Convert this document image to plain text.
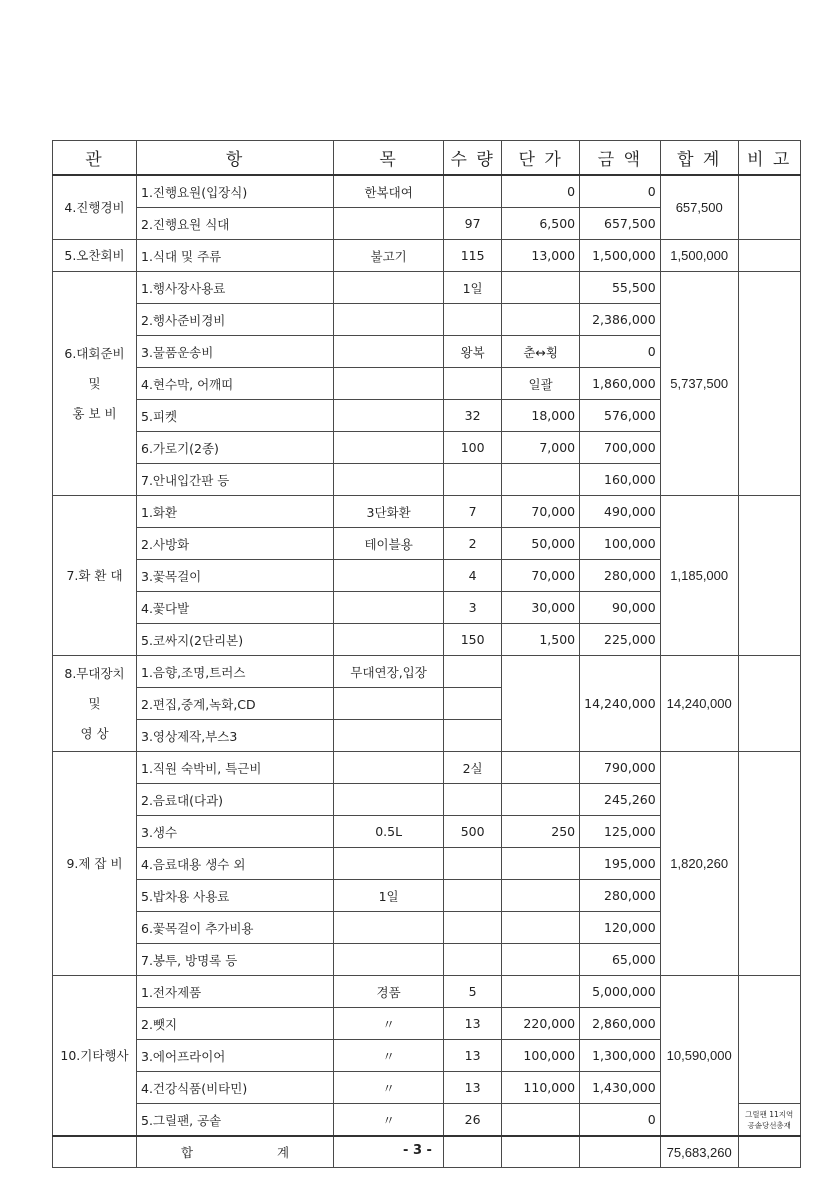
관	항	목	수 량	단 가	금 액	합 계	비 고
4.진행경비	1.진행요원(입장식)	한복대여		0	0	657,500	
	2.진행요원 식대		97	6,500	657,500		
5.오찬회비	1.식대 및 주류	불고기	115	13,000	1,500,000	1,500,000	
6.대회준비
및
홍 보 비	1.행사장사용료		1일		55,500	5,737,500	
	2.행사준비경비				2,386,000		
	3.물품운송비		왕복	춘↔횡	0		
	4.현수막, 어깨띠			일괄	1,860,000		
	5.피켓		32	18,000	576,000		
	6.가로기(2종)		100	7,000	700,000		
	7.안내입간판 등				160,000		
7.화 환 대	1.화환	3단화환	7	70,000	490,000	1,185,000	
	2.사방화	테이블용	2	50,000	100,000		
	3.꽃목걸이		4	70,000	280,000		
	4.꽃다발		3	30,000	90,000		
	5.코싸지(2단리본)		150	1,500	225,000		
8.무대장치
및
영 상	1.음향,조명,트러스	무대연장,입장			14,240,000	14,240,000	
	2.편집,중계,녹화,CD						
	3.영상제작,부스3						
9.제 잡 비	1.직원 숙박비, 특근비		2실		790,000	1,820,260	
	2.음료대(다과)				245,260		
	3.생수	0.5L	500	250	125,000		
	4.음료대용 생수 외				195,000		
	5.밥차용 사용료	1일			280,000		
	6.꽃목걸이 추가비용				120,000		
	7.봉투, 방명록 등				65,000		
10.기타행사	1.전자제품	경품	5		5,000,000	10,590,000	
	2.뺏지	〃	13	220,000	2,860,000		
	3.에어프라이어	〃	13	100,000	1,300,000		
	4.건강식품(비타민)	〃	13	110,000	1,430,000		
	5.그릴팬, 공솥	〃	26		0		그릴팬 11지역
공솥당선총재
	합 계					75,683,260	
- 3 -
